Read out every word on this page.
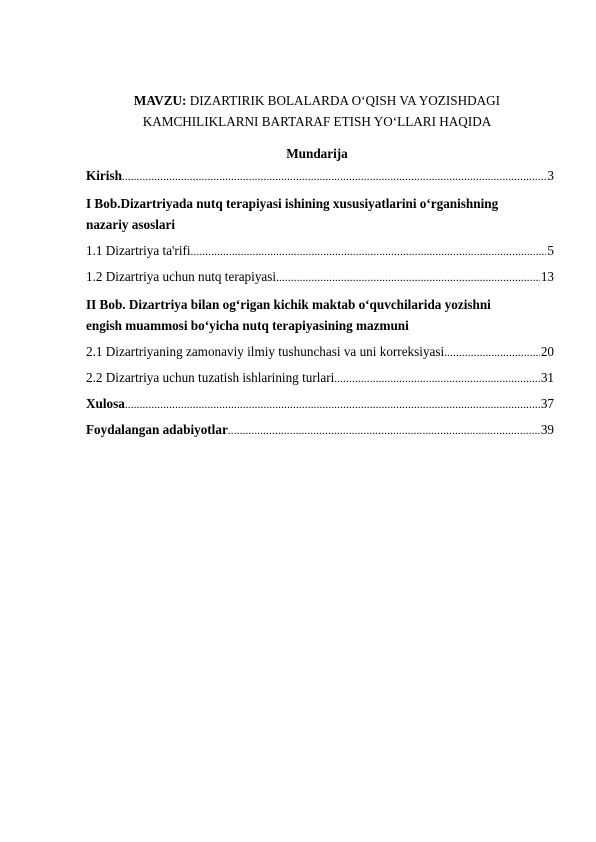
MAVZU: DIZARTIRIK BOLALARDA O‘QISH VA YOZISHDAGI
KAMCHILIKLARNI BARTARAF ETISH YO‘LLARI HAQIDA
Mundarija
Kirish .....	3
I Bob.Dizartriyada nutq terapiyasi ishining xususiyatlarini o‘rganishning
nazariy asoslari
1.1 Dizartriya ta'rifi .....	5
1.2 Dizartriya uchun nutq terapiyasi .....	13
II Bob. Dizartriya bilan og‘rigan kichik maktab o‘quvchilarida yozishni
engish muammosi bo‘yicha nutq terapiyasining mazmuni
2.1 Dizartriyaning zamonaviy ilmiy tushunchasi va uni korreksiyasi .....	20
2.2 Dizartriya uchun tuzatish ishlarining turlari .....	31
Xulosa .....	37
Foydalangan adabiyotlar .....	39
